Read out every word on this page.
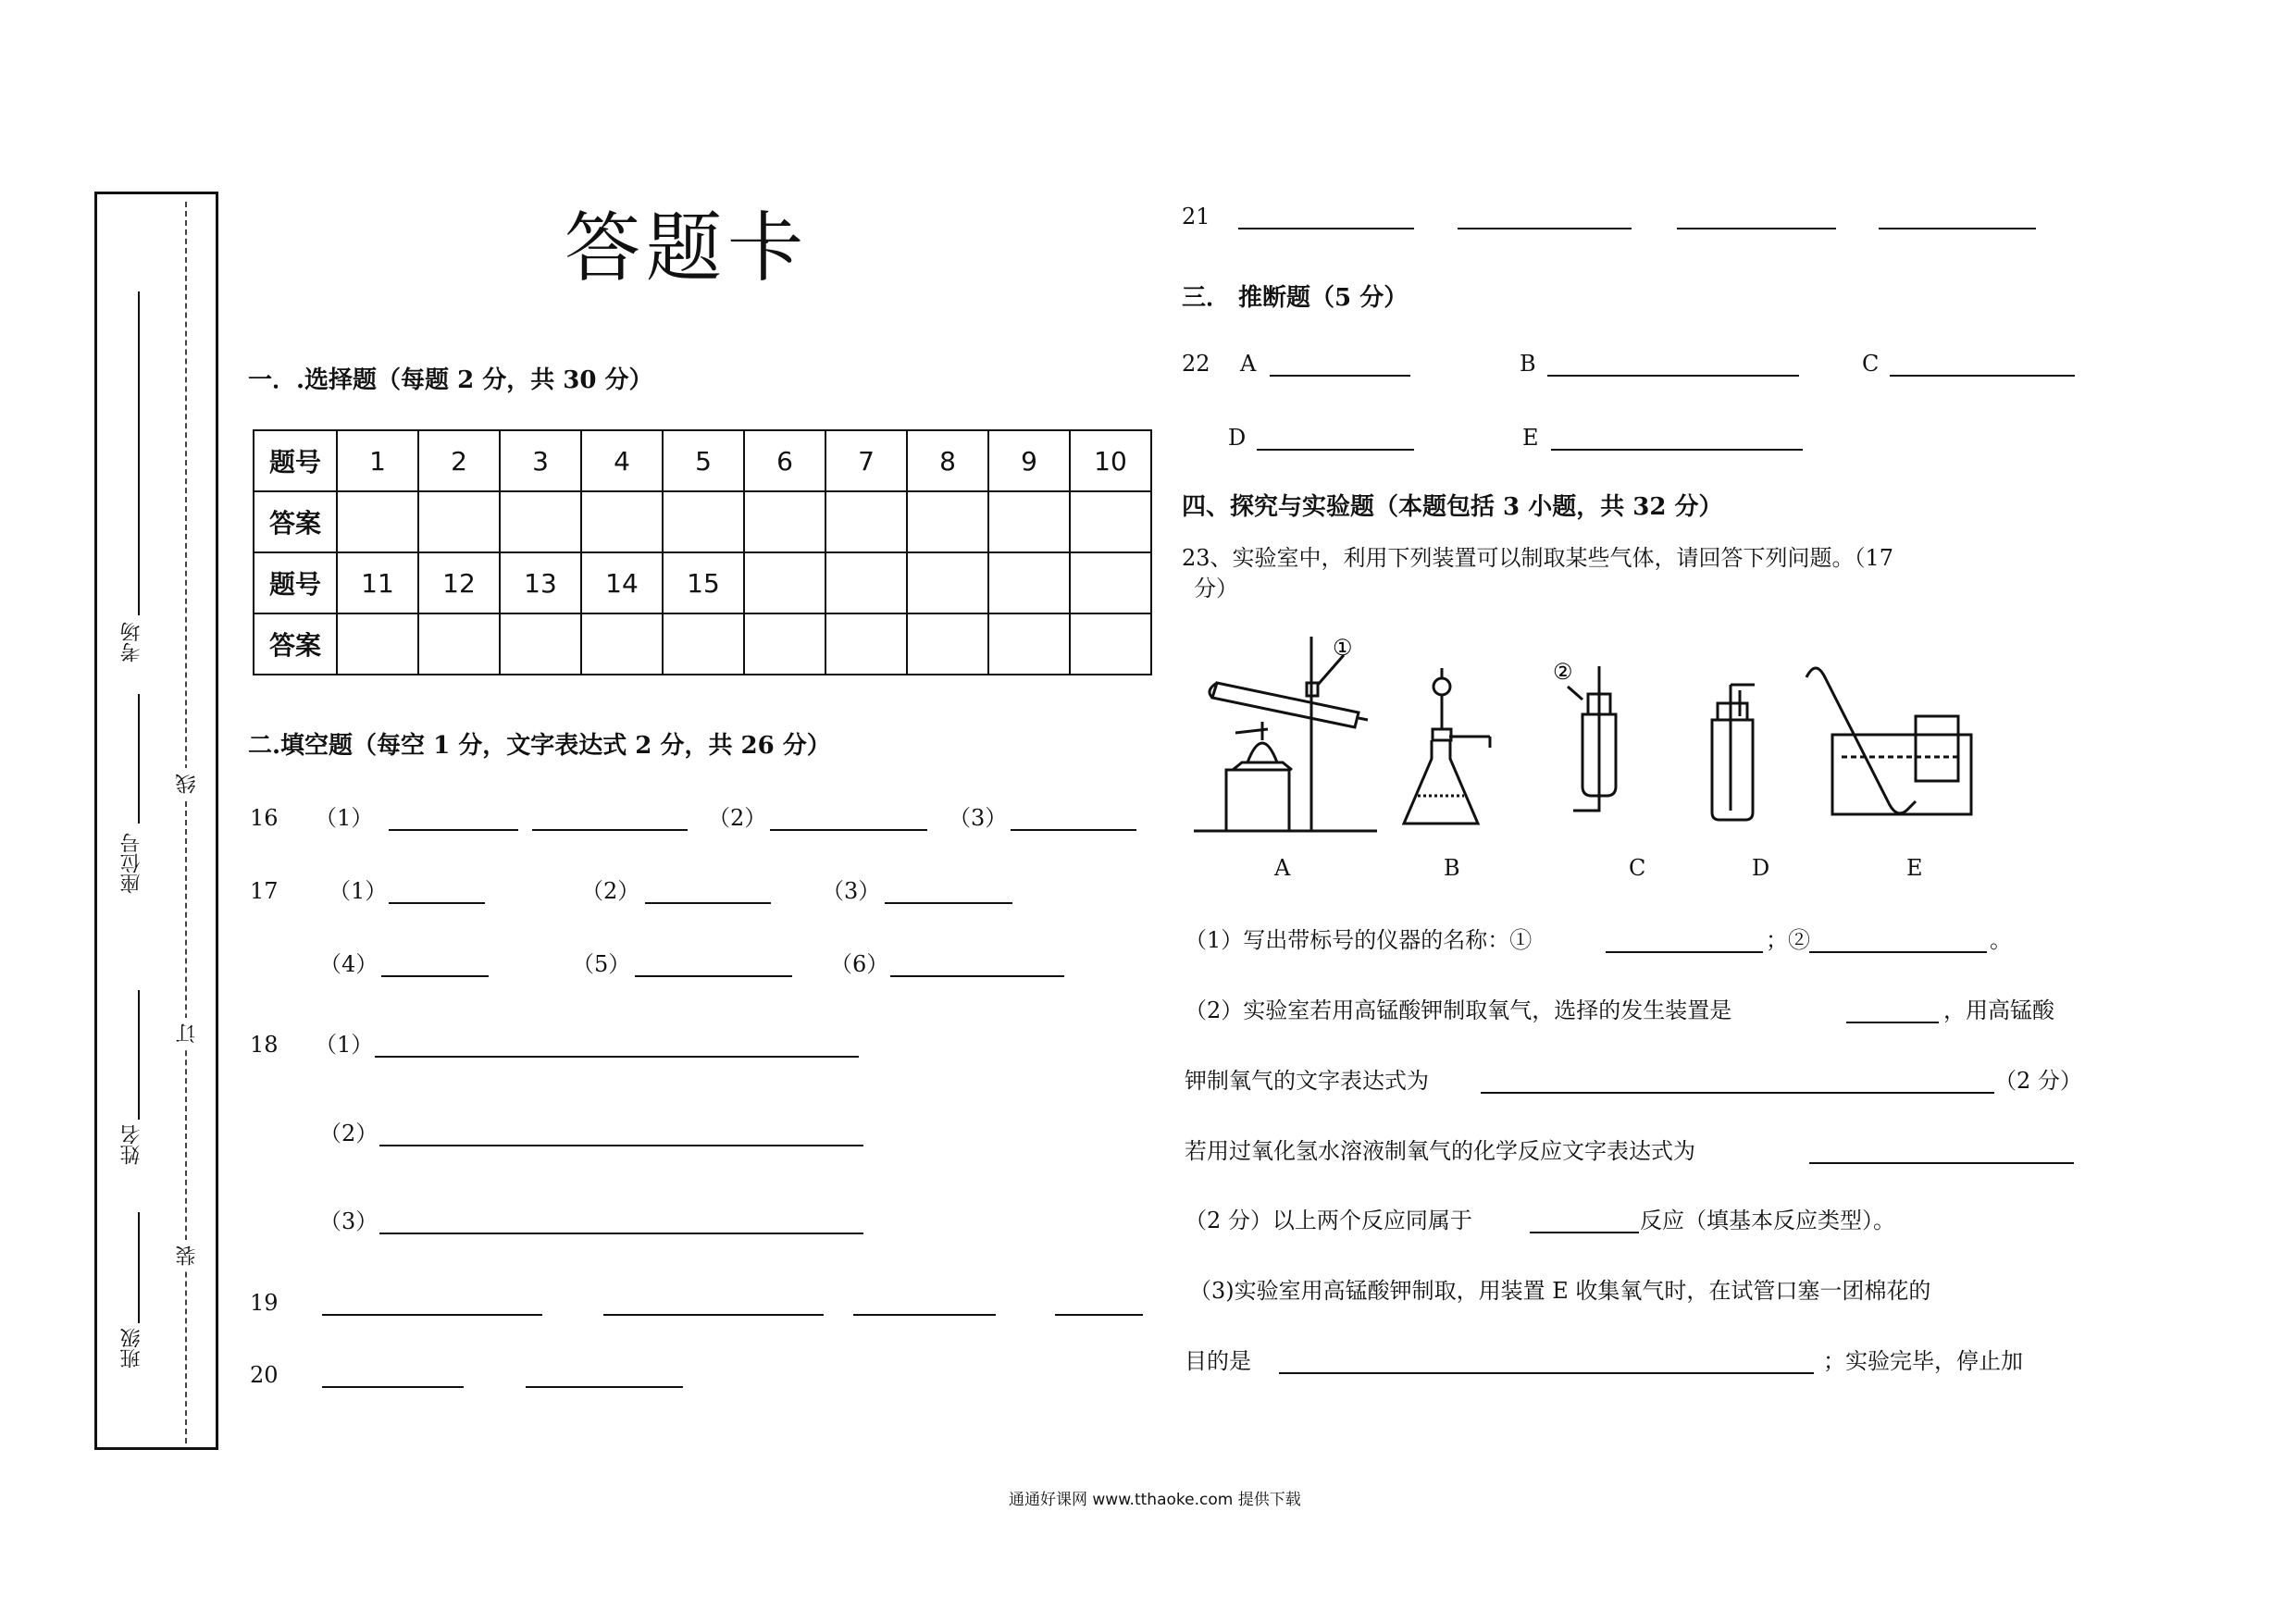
订
装
线
班级
姓名
座位号
考场
答题卡
一．.选择题（每题 2 分，共 30 分）
题号	1	2	3	4	5	6	7	8	9	10
答案										
题号	11	12	13	14	15					
答案										
二.填空题（每空 1 分，文字表达式 2 分，共 26 分）
16 （1）	（2）	（3）
17 （1）	（2）	（3）
（4）	（5）	（6）
18 （1）
（2）
（3）
19
20
21
三． 推断题（5 分）
22 A	B	C
D	E
四、探究与实验题（本题包括 3 小题，共 32 分）
23、实验室中，利用下列装置可以制取某些气体，请回答下列问题。（17
分）
①
②
A	B	C	D	E
（1）写出带标号的仪器的名称：①	；②	。
（2）实验室若用高锰酸钾制取氧气，选择的发生装置是	，用高锰酸
钾制氧气的文字表达式为	（2 分）
若用过氧化氢水溶液制氧气的化学反应文字表达式为
（2 分）以上两个反应同属于	反应（填基本反应类型）。
（3)实验室用高锰酸钾制取，用装置 E 收集氧气时，在试管口塞一团棉花的
目的是	；实验完毕，停止加
通通好课网 www.tthaoke.com 提供下载
